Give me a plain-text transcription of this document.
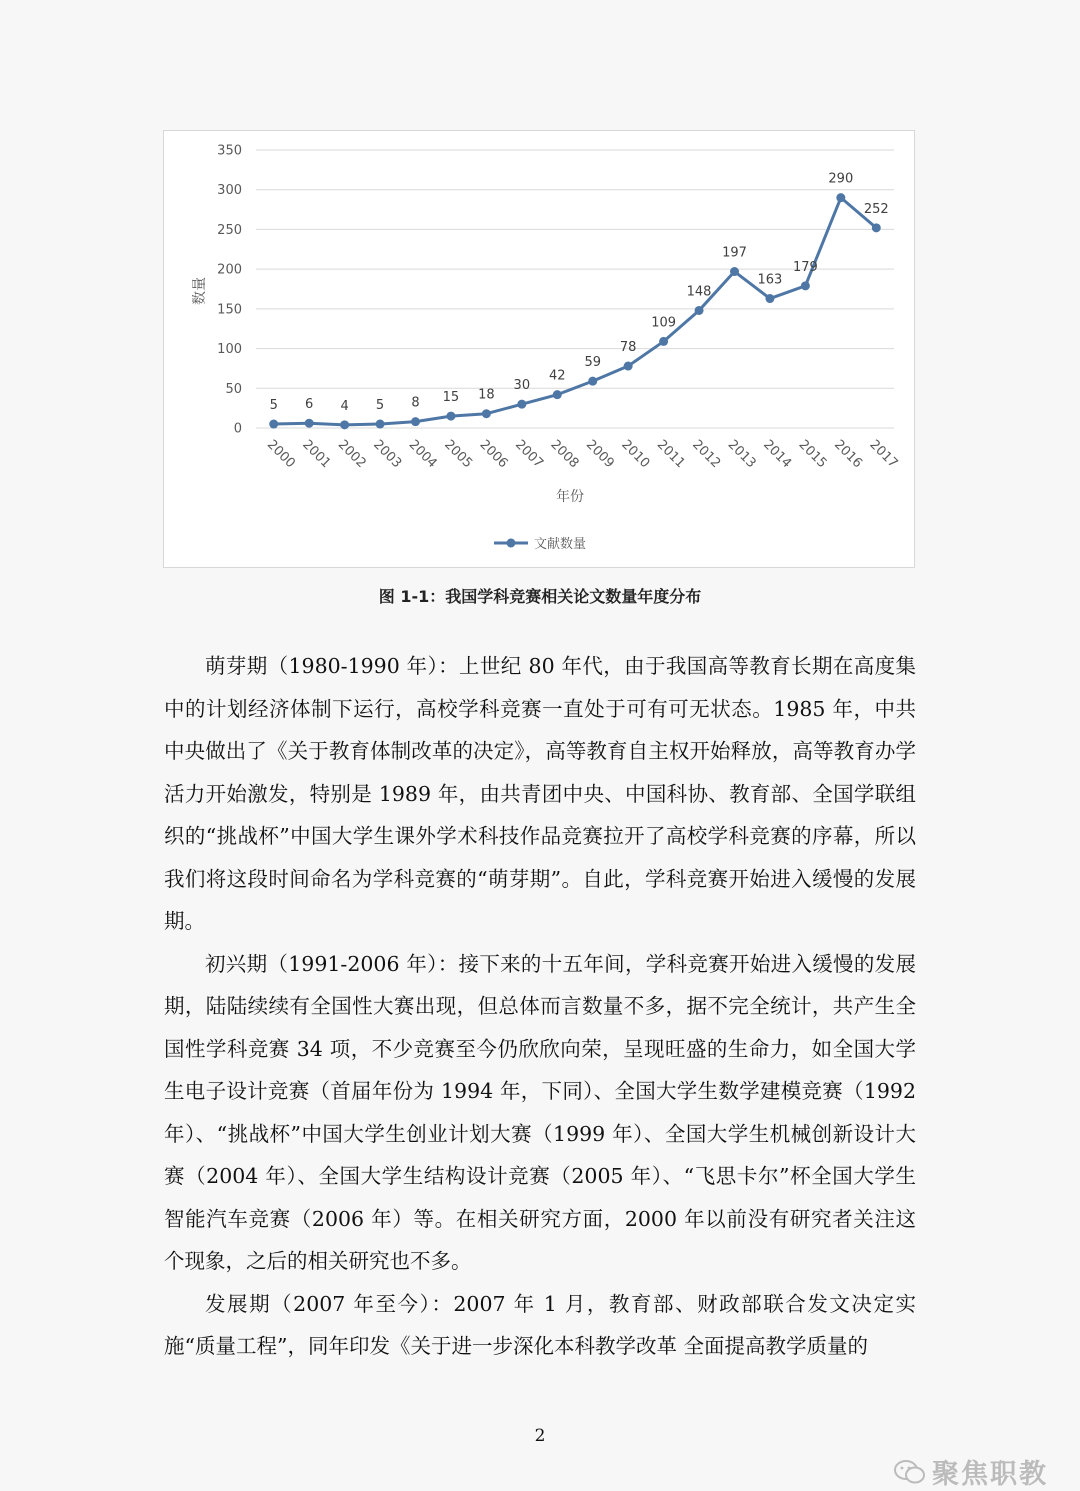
0
50
100
150
200
250
300
350
2000 2001 2002 2003 2004 2005 2006 2007 2008 2009 2010 2011 2012 2013 2014 2015 2016 2017
年份
数量
5 6 4 5 8 15 18
30
42
59
78
109
148
197
163
179
290
252
文献数量
图 1-1：我国学科竞赛相关论文数量年度分布

萌芽期（1980-1990 年）：上世纪 80 年代，由于我国高等教育长期在高度集中的计划经济体制下运行，高校学科竞赛一直处于可有可无状态。1985 年，中共中央做出了《关于教育体制改革的决定》，高等教育自主权开始释放，高等教育办学活力开始激发，特别是 1989 年，由共青团中央、中国科协、教育部、全国学联组织的“挑战杯”中国大学生课外学术科技作品竞赛拉开了高校学科竞赛的序幕，所以我们将这段时间命名为学科竞赛的“萌芽期”。自此，学科竞赛开始进入缓慢的发展期。

初兴期（1991-2006 年）：接下来的十五年间，学科竞赛开始进入缓慢的发展期，陆陆续续有全国性大赛出现，但总体而言数量不多，据不完全统计，共产生全国性学科竞赛 34 项，不少竞赛至今仍欣欣向荣，呈现旺盛的生命力，如全国大学生电子设计竞赛（首届年份为 1994 年，下同）、全国大学生数学建模竞赛（1992 年）、“挑战杯”中国大学生创业计划大赛（1999 年）、全国大学生机械创新设计大赛（2004 年）、全国大学生结构设计竞赛（2005 年）、“飞思卡尔”杯全国大学生智能汽车竞赛（2006 年）等。在相关研究方面，2000 年以前没有研究者关注这个现象，之后的相关研究也不多。

发展期（2007 年至今）：2007 年 1 月，教育部、财政部联合发文决定实施“质量工程”，同年印发《关于进一步深化本科教学改革 全面提高教学质量的

2
聚焦职教
